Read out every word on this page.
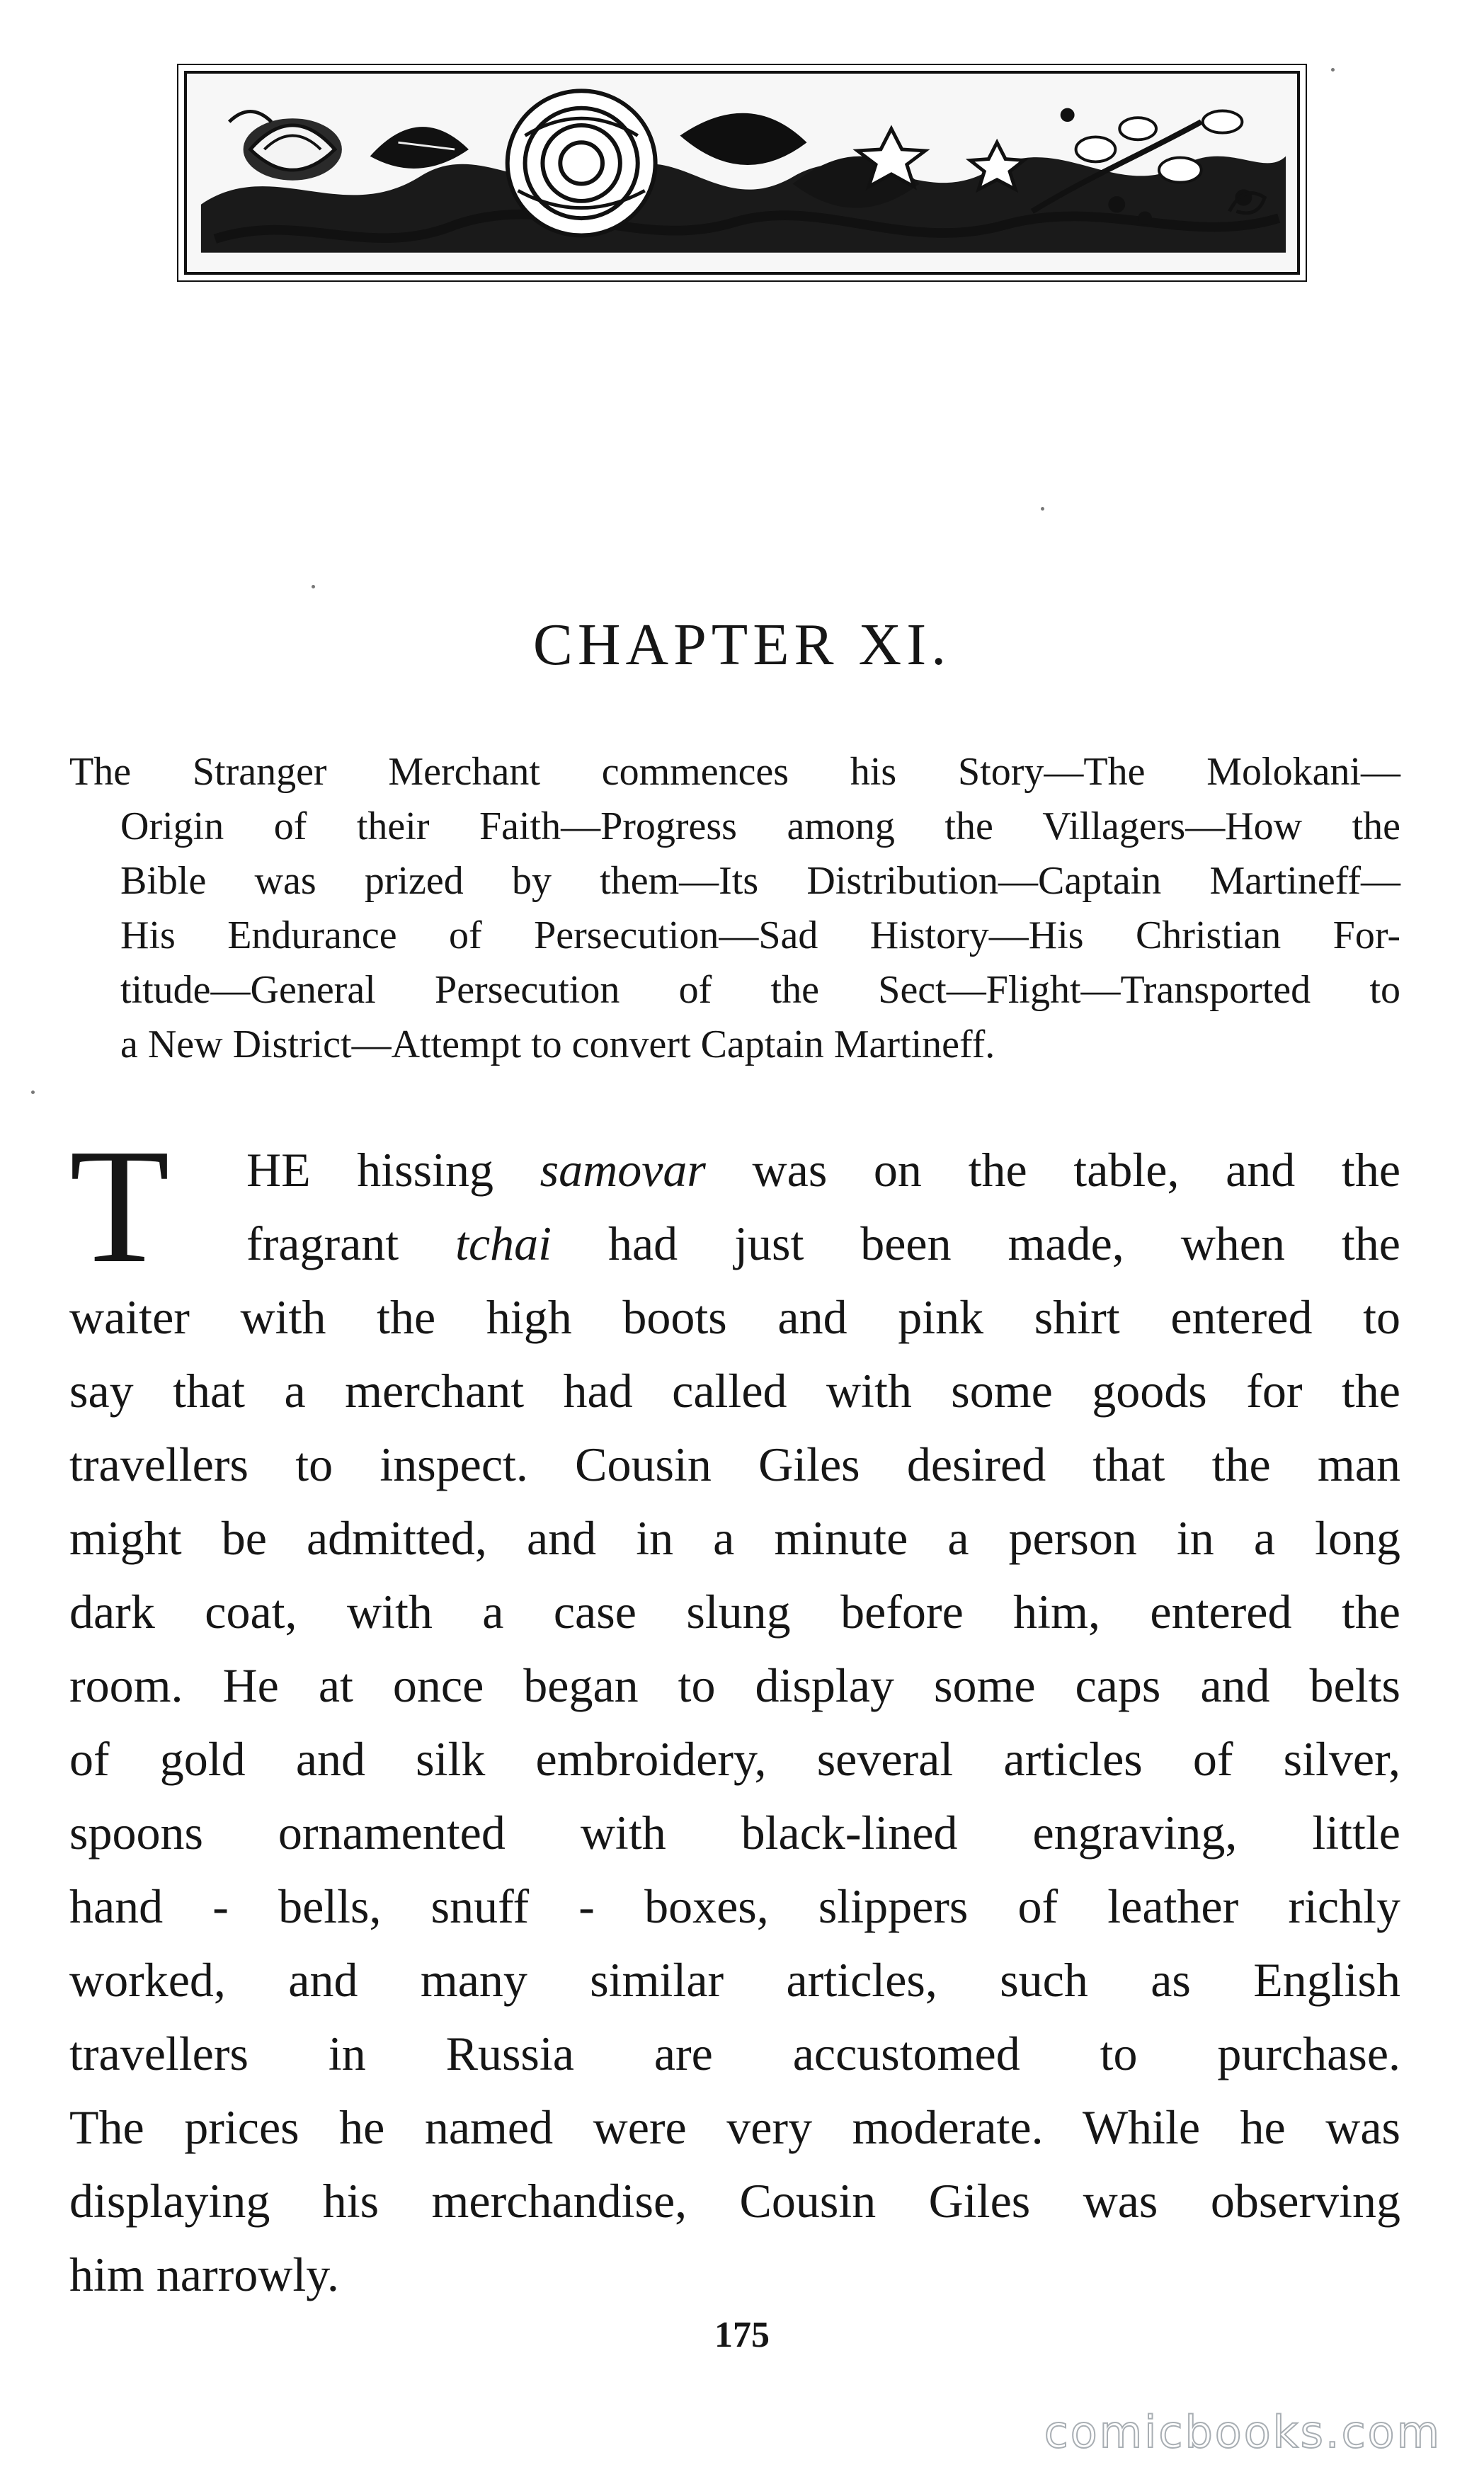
CHAPTER XI.
The Stranger Merchant commences his Story—The Molokani—
Origin of their Faith—Progress among the Villagers—How the
Bible was prized by them—Its Distribution—Captain Martineff—
His Endurance of Persecution—Sad History—His Christian For-
titude—General Persecution of the Sect—Flight—Transported to
a New District—Attempt to convert Captain Martineff.
T	HE hissing samovar was on the table, and the
fragrant tchai had just been made, when the
waiter with the high boots and pink shirt entered to
say that a merchant had called with some goods for the
travellers to inspect. Cousin Giles desired that the man
might be admitted, and in a minute a person in a long
dark coat, with a case slung before him, entered the
room. He at once began to display some caps and belts
of gold and silk embroidery, several articles of silver,
spoons ornamented with black-lined engraving, little
hand - bells, snuff - boxes, slippers of leather richly
worked, and many similar articles, such as English
travellers in Russia are accustomed to purchase.
The prices he named were very moderate. While he was
displaying his merchandise, Cousin Giles was observing
him narrowly.
175
comicbooks.com
